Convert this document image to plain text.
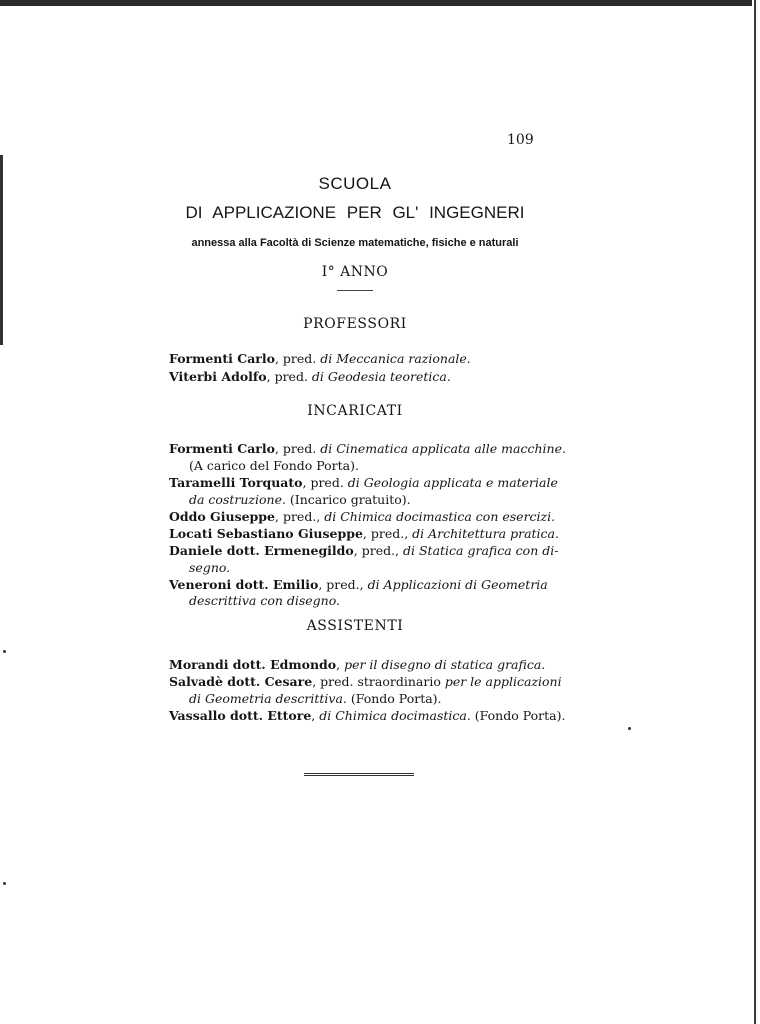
109
SCUOLA
DI APPLICAZIONE PER GL' INGEGNERI
annessa alla Facoltà di Scienze matematiche, fisiche e naturali
I° ANNO
PROFESSORI
Formenti Carlo, pred. di Meccanica razionale.
Viterbi Adolfo, pred. di Geodesia teoretica.
INCARICATI
Formenti Carlo, pred. di Cinematica applicata alle macchine.
(A carico del Fondo Porta).
Taramelli Torquato, pred. di Geologia applicata e materiale
da costruzione. (Incarico gratuito).
Oddo Giuseppe, pred., di Chimica docimastica con esercizi.
Locati Sebastiano Giuseppe, pred., di Architettura pratica.
Daniele dott. Ermenegildo, pred., di Statica grafica con di-
segno.
Veneroni dott. Emilio, pred., di Applicazioni di Geometria
descrittiva con disegno.
ASSISTENTI
Morandi dott. Edmondo, per il disegno di statica grafica.
Salvadè dott. Cesare, pred. straordinario per le applicazioni
di Geometria descrittiva. (Fondo Porta).
Vassallo dott. Ettore, di Chimica docimastica. (Fondo Porta).
